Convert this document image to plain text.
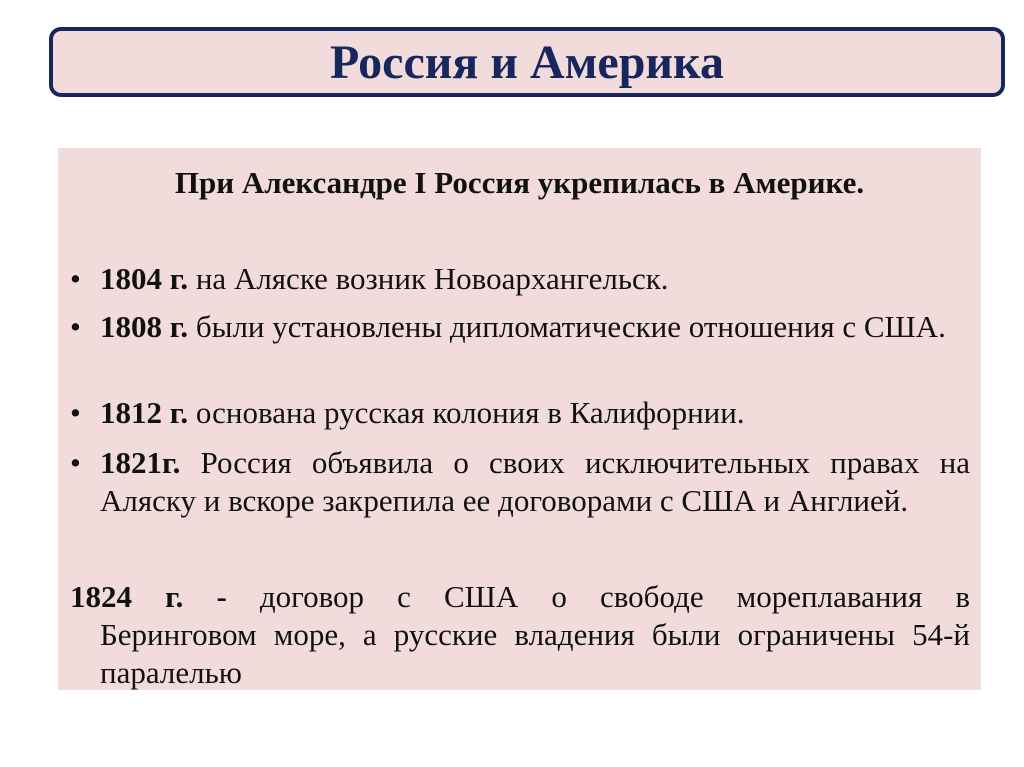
Россия и Америка
При Александре I Россия укрепилась в Америке.
• 1804 г. на Аляске возник Новоархангельск.
• 1808 г. были установлены дипломатические отношения с США.
• 1812 г. основана русская колония в Калифорнии.
• 1821г. Россия объявила о своих исключительных правах на Аляску и вскоре закрепила ее договорами с США и Англией.
1824 г. - договор с США о свободе мореплавания в
Беринговом море, а русские владения были ограничены 54-й паралелью
